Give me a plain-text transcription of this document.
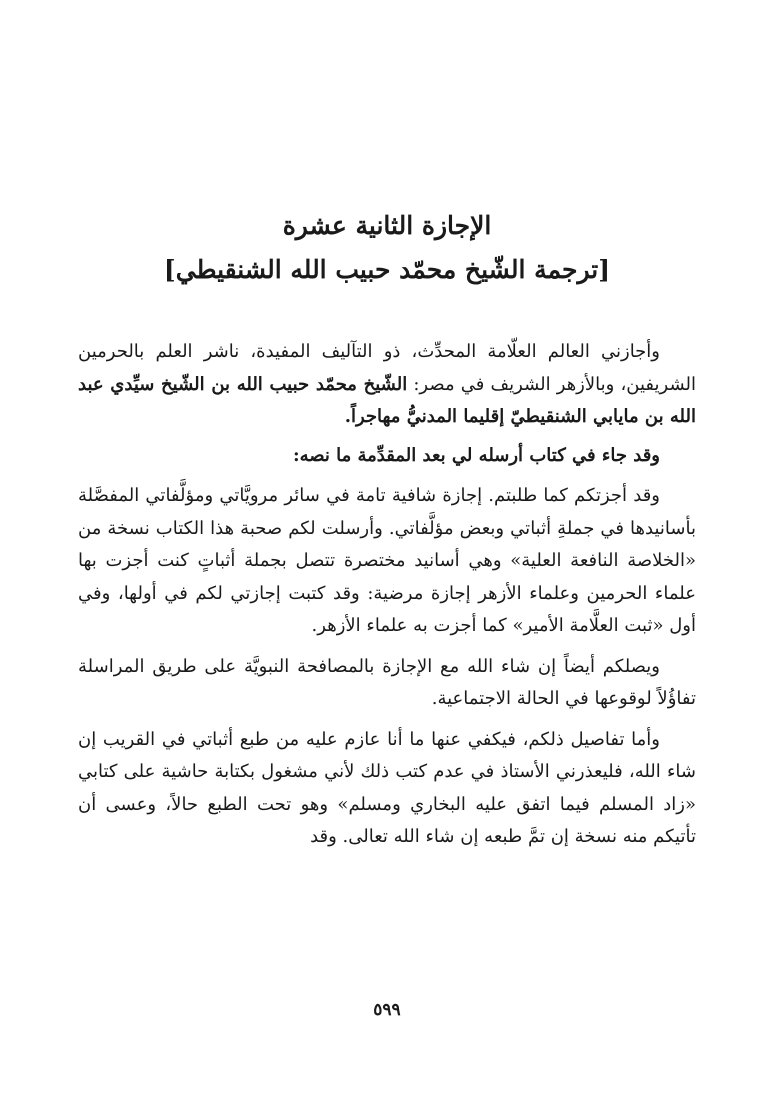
الإجازة الثانية عشرة
[ترجمة الشّيخ محمّد حبيب الله الشنقيطي]

وأجازني العالم العلّامة المحدِّث، ذو التآليف المفيدة، ناشر العلم بالحرمين الشريفين، وبالأزهر الشريف في مصر: الشّيخ محمّد حبيب الله بن الشّيخ سيِّدي عبد الله بن مايابي الشنقيطيّ إقليما المدنيُّ مهاجراً.

وقد جاء في كتاب أرسله لي بعد المقدِّمة ما نصه:

وقد أجزتكم كما طلبتم. إجازة شافية تامة في سائر مرويَّاتي ومؤلَّفاتي المفصَّلة بأسانيدها في جملةِ أثباتي وبعض مؤلَّفاتي. وأرسلت لكم صحبة هذا الكتاب نسخة من «الخلاصة النافعة العلية» وهي أسانيد مختصرة تتصل بجملة أثباتٍ كنت أجزت بها علماء الحرمين وعلماء الأزهر إجازة مرضية: وقد كتبت إجازتي لكم في أولها، وفي أول «ثبت العلَّامة الأمير» كما أجزت به علماء الأزهر.

ويصلكم أيضاً إن شاء الله مع الإجازة بالمصافحة النبويَّة على طريق المراسلة تفاؤُلاً لوقوعها في الحالة الاجتماعية.

وأما تفاصيل ذلكم، فيكفي عنها ما أنا عازم عليه من طبع أثباتي في القريب إن شاء الله، فليعذرني الأستاذ في عدم كتب ذلك لأني مشغول بكتابة حاشية على كتابي «زاد المسلم فيما اتفق عليه البخاري ومسلم» وهو تحت الطبع حالاً، وعسى أن تأتيكم منه نسخة إن تمَّ طبعه إن شاء الله تعالى. وقد

٥٩٩
